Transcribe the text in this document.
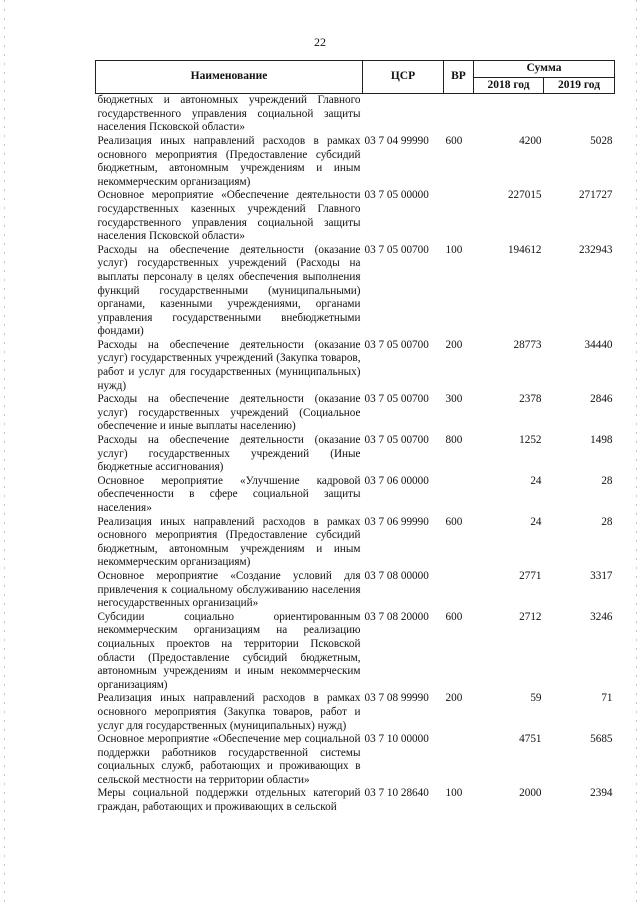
22
Наименование	ЦСР	ВР	Сумма	
			2018 год	2019 год
бюджетных и автономных учреждений Главного государственного управления социальной защиты населения Псковской области»				
Реализация иных направлений расходов в рамках основного мероприятия (Предоставление субсидий бюджетным, автономным учреждениям и иным некоммерческим организациям)	03 7 04 99990	600	4200	5028
Основное мероприятие «Обеспечение деятельности государственных казенных учреждений Главного государственного управления социальной защиты населения Псковской области»	03 7 05 00000		227015	271727
Расходы на обеспечение деятельности (оказание услуг) государственных учреждений (Расходы на выплаты персоналу в целях обеспечения выполнения функций государственными (муниципальными) органами, казенными учреждениями, органами управления государственными внебюджетными фондами)	03 7 05 00700	100	194612	232943
Расходы на обеспечение деятельности (оказание услуг) государственных учреждений (Закупка товаров, работ и услуг для государственных (муниципальных) нужд)	03 7 05 00700	200	28773	34440
Расходы на обеспечение деятельности (оказание услуг) государственных учреждений (Социальное обеспечение и иные выплаты населению)	03 7 05 00700	300	2378	2846
Расходы на обеспечение деятельности (оказание услуг) государственных учреждений (Иные бюджетные ассигнования)	03 7 05 00700	800	1252	1498
Основное мероприятие «Улучшение кадровой обеспеченности в сфере социальной защиты населения»	03 7 06 00000		24	28
Реализация иных направлений расходов в рамках основного мероприятия (Предоставление субсидий бюджетным, автономным учреждениям и иным некоммерческим организациям)	03 7 06 99990	600	24	28
Основное мероприятие «Создание условий для привлечения к социальному обслуживанию населения негосударственных организаций»	03 7 08 00000		2771	3317
Субсидии социально ориентированным некоммерческим организациям на реализацию социальных проектов на территории Псковской области (Предоставление субсидий бюджетным, автономным учреждениям и иным некоммерческим организациям)	03 7 08 20000	600	2712	3246
Реализация иных направлений расходов в рамках основного мероприятия (Закупка товаров, работ и услуг для государственных (муниципальных) нужд)	03 7 08 99990	200	59	71
Основное мероприятие «Обеспечение мер социальной поддержки работников государственной системы социальных служб, работающих и проживающих в сельской местности на территории области»	03 7 10 00000		4751	5685
Меры социальной поддержки отдельных категорий граждан, работающих и проживающих в сельской	03 7 10 28640	100	2000	2394
